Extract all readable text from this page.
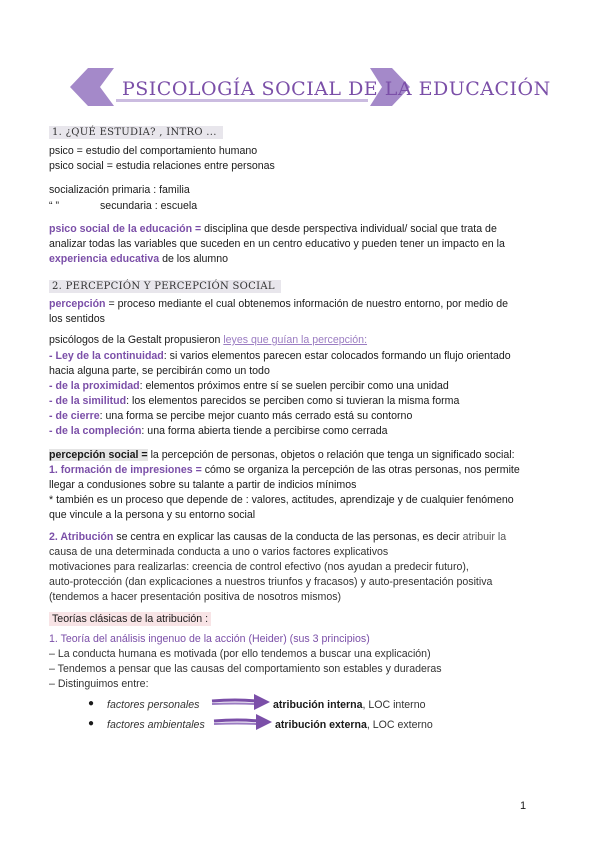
PSICOLOGÍA SOCIAL DE LA EDUCACIÓN
1. ¿QUÉ ESTUDIA? , INTRO ...
psico = estudio del comportamiento humano
psico social = estudia relaciones entre personas
socialización primaria : familia
“ ”	secundaria : escuela
psico social de la educación = disciplina que desde perspectiva individual/ social que trata de
analizar todas las variables que suceden en un centro educativo y pueden tener un impacto en la
experiencia educativa de los alumno
2. PERCEPCIÓN Y PERCEPCIÓN SOCIAL
percepción = proceso mediante el cual obtenemos información de nuestro entorno, por medio de
los sentidos
psicólogos de la Gestalt propusieron leyes que guían la percepción:
- Ley de la continuidad: si varios elementos parecen estar colocados formando un flujo orientado
hacia alguna parte, se percibirán como un todo
- de la proximidad: elementos próximos entre sí se suelen percibir como una unidad
- de la similitud: los elementos parecidos se perciben como si tuvieran la misma forma
- de cierre: una forma se percibe mejor cuanto más cerrado está su contorno
- de la compleción: una forma abierta tiende a percibirse como cerrada
percepción social = la percepción de personas, objetos o relación que tenga un significado social:
1. formación de impresiones = cómo se organiza la percepción de las otras personas, nos permite
llegar a condusiones sobre su talante a partir de indicios mínimos
* también es un proceso que depende de : valores, actitudes, aprendizaje y de cualquier fenómeno
que vincule a la persona y su entorno social
2. Atribución se centra en explicar las causas de la conducta de las personas, es decir atribuir la
causa de una determinada conducta a uno o varios factores explicativos
motivaciones para realizarlas: creencia de control efectivo (nos ayudan a predecir futuro),
auto-protección (dan explicaciones a nuestros triunfos y fracasos) y auto-presentación positiva
(tendemos a hacer presentación positiva de nosotros mismos)
Teorías clásicas de la atribución :
1. Teoría del análisis ingenuo de la acción (Heider) (sus 3 principios)
– La conducta humana es motivada (por ello tendemos a buscar una explicación)
– Tendemos a pensar que las causas del comportamiento son estables y duraderas
– Distinguimos entre:
● factores personales	atribución interna, LOC interno
● factores ambientales	atribución externa, LOC externo
1
